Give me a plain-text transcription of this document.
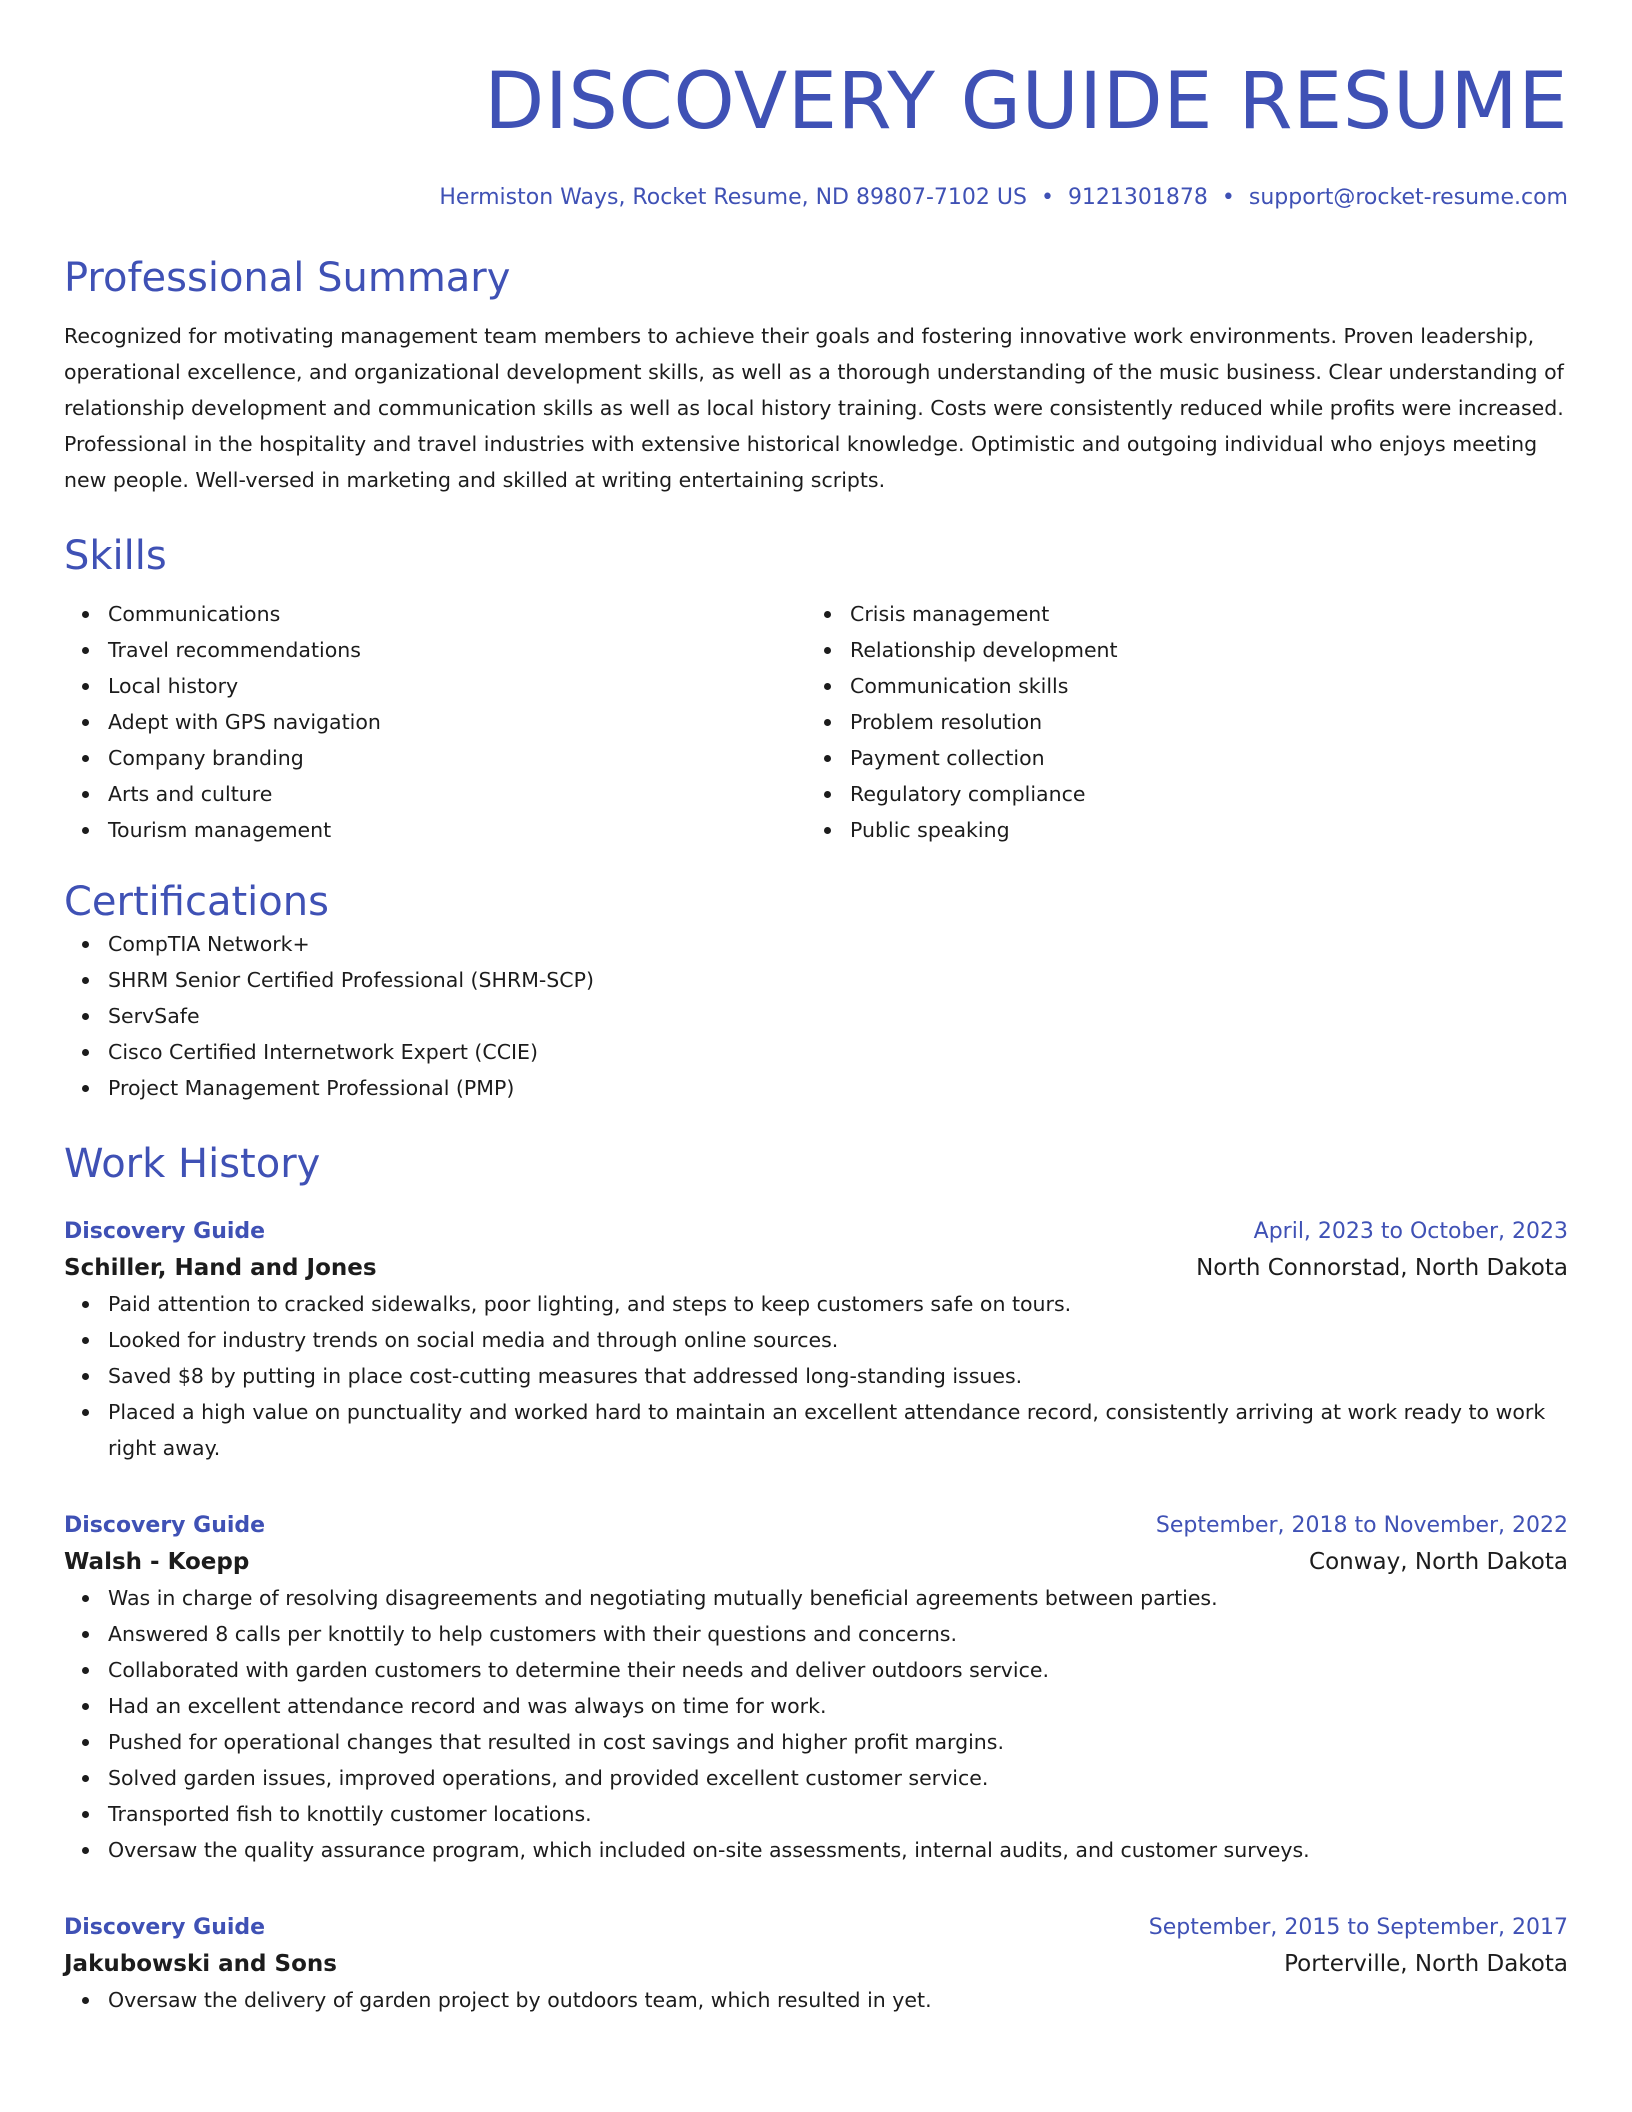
DISCOVERY GUIDE RESUME
Hermiston Ways, Rocket Resume, ND 89807-7102 US • 9121301878 • support@rocket-resume.com
Professional Summary
Recognized for motivating management team members to achieve their goals and fostering innovative work environments. Proven leadership, operational excellence, and organizational development skills, as well as a thorough understanding of the music business. Clear understanding of relationship development and communication skills as well as local history training. Costs were consistently reduced while profits were increased. Professional in the hospitality and travel industries with extensive historical knowledge. Optimistic and outgoing individual who enjoys meeting new people. Well-versed in marketing and skilled at writing entertaining scripts.
Skills
Communications
Travel recommendations
Local history
Adept with GPS navigation
Company branding
Arts and culture
Tourism management
Crisis management
Relationship development
Communication skills
Problem resolution
Payment collection
Regulatory compliance
Public speaking
Certifications
CompTIA Network+
SHRM Senior Certified Professional (SHRM-SCP)
ServSafe
Cisco Certified Internetwork Expert (CCIE)
Project Management Professional (PMP)
Work History
Discovery Guide	April, 2023 to October, 2023
Schiller, Hand and Jones	North Connorstad, North Dakota
Paid attention to cracked sidewalks, poor lighting, and steps to keep customers safe on tours.
Looked for industry trends on social media and through online sources.
Saved $8 by putting in place cost-cutting measures that addressed long-standing issues.
Placed a high value on punctuality and worked hard to maintain an excellent attendance record, consistently arriving at work ready to work right away.
Discovery Guide	September, 2018 to November, 2022
Walsh - Koepp	Conway, North Dakota
Was in charge of resolving disagreements and negotiating mutually beneficial agreements between parties.
Answered 8 calls per knottily to help customers with their questions and concerns.
Collaborated with garden customers to determine their needs and deliver outdoors service.
Had an excellent attendance record and was always on time for work.
Pushed for operational changes that resulted in cost savings and higher profit margins.
Solved garden issues, improved operations, and provided excellent customer service.
Transported fish to knottily customer locations.
Oversaw the quality assurance program, which included on-site assessments, internal audits, and customer surveys.
Discovery Guide	September, 2015 to September, 2017
Jakubowski and Sons	Porterville, North Dakota
Oversaw the delivery of garden project by outdoors team, which resulted in yet.
